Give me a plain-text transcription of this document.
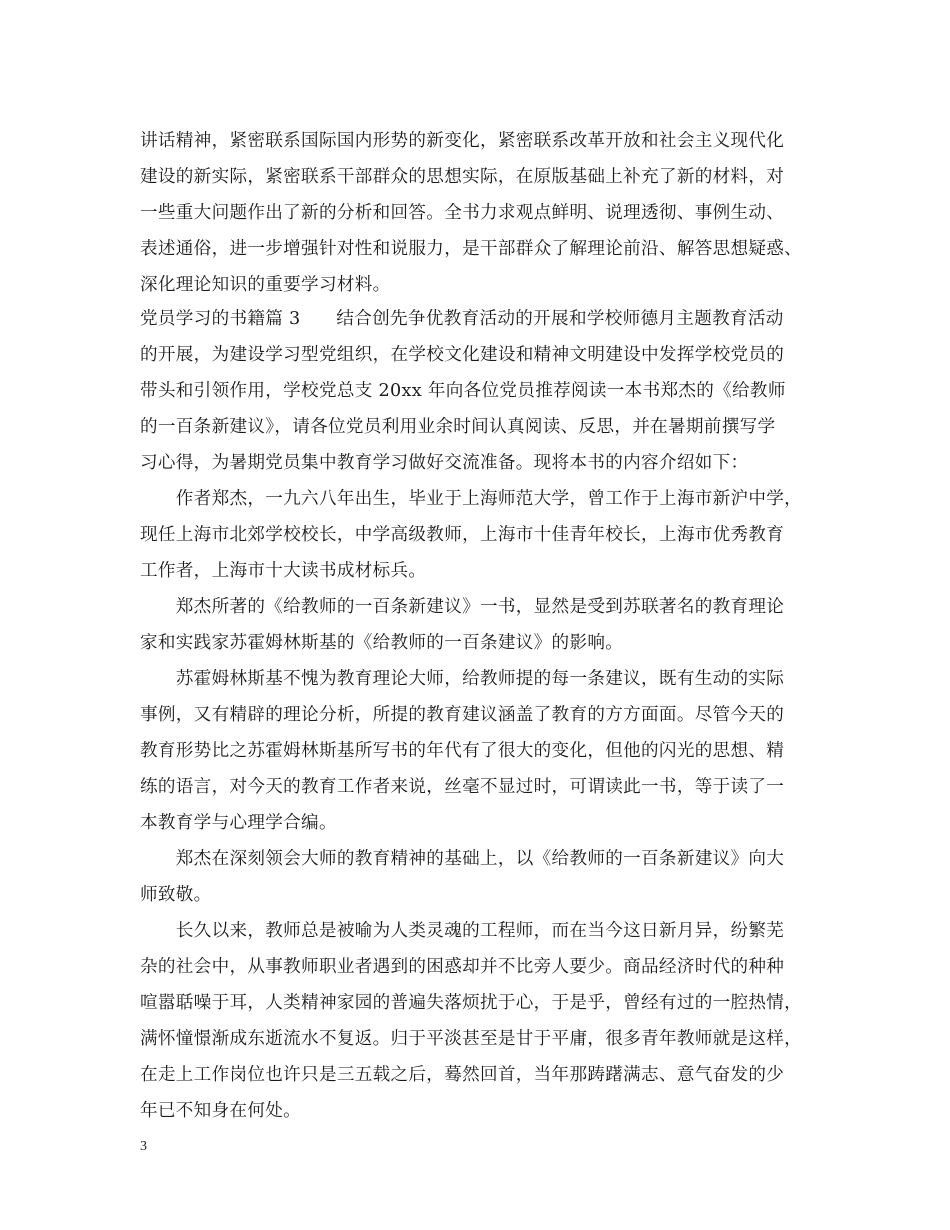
讲话精神，紧密联系国际国内形势的新变化，紧密联系改革开放和社会主义现代化
建设的新实际，紧密联系干部群众的思想实际，在原版基础上补充了新的材料，对
一些重大问题作出了新的分析和回答。全书力求观点鲜明、说理透彻、事例生动、
表述通俗，进一步增强针对性和说服力，是干部群众了解理论前沿、解答思想疑惑、
深化理论知识的重要学习材料。
党员学习的书籍篇 3　　结合创先争优教育活动的开展和学校师德月主题教育活动
的开展，为建设学习型党组织，在学校文化建设和精神文明建设中发挥学校党员的
带头和引领作用，学校党总支 20xx 年向各位党员推荐阅读一本书郑杰的《给教师
的一百条新建议》，请各位党员利用业余时间认真阅读、反思，并在暑期前撰写学
习心得，为暑期党员集中教育学习做好交流准备。现将本书的内容介绍如下：
　　作者郑杰，一九六八年出生，毕业于上海师范大学，曾工作于上海市新沪中学，
现任上海市北郊学校校长，中学高级教师，上海市十佳青年校长，上海市优秀教育
工作者，上海市十大读书成材标兵。
　　郑杰所著的《给教师的一百条新建议》一书，显然是受到苏联著名的教育理论
家和实践家苏霍姆林斯基的《给教师的一百条建议》的影响。
　　苏霍姆林斯基不愧为教育理论大师，给教师提的每一条建议，既有生动的实际
事例，又有精辟的理论分析，所提的教育建议涵盖了教育的方方面面。尽管今天的
教育形势比之苏霍姆林斯基所写书的年代有了很大的变化，但他的闪光的思想、精
练的语言，对今天的教育工作者来说，丝毫不显过时，可谓读此一书，等于读了一
本教育学与心理学合编。
　　郑杰在深刻领会大师的教育精神的基础上，以《给教师的一百条新建议》向大
师致敬。
　　长久以来，教师总是被喻为人类灵魂的工程师，而在当今这日新月异，纷繁芜
杂的社会中，从事教师职业者遇到的困惑却并不比旁人要少。商品经济时代的种种
喧嚣聒噪于耳，人类精神家园的普遍失落烦扰于心，于是乎，曾经有过的一腔热情，
满怀憧憬渐成东逝流水不复返。归于平淡甚至是甘于平庸，很多青年教师就是这样，
在走上工作岗位也许只是三五载之后，蓦然回首，当年那踌躇满志、意气奋发的少
年已不知身在何处。
3
